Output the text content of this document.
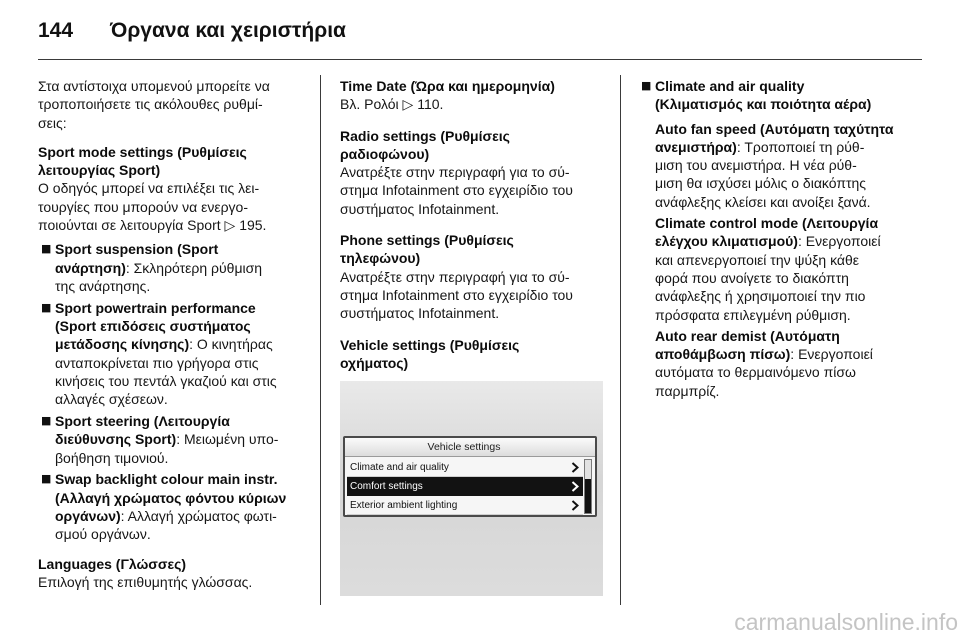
144 Όργανα και χειριστήρια
Στα αντίστοιχα υπομενού μπορείτε να
τροποποιήσετε τις ακόλουθες ρυθμί-
σεις:
Sport mode settings (Ρυθμίσεις
λειτουργίας Sport)
Ο οδηγός μπορεί να επιλέξει τις λει-
τουργίες που μπορούν να ενεργο-
ποιούνται σε λειτουργία Sport ▷ 195.
■ Sport suspension (Sport
ανάρτηση): Σκληρότερη ρύθμιση
της ανάρτησης.
■ Sport powertrain performance
(Sport επιδόσεις συστήματος
μετάδοσης κίνησης): Ο κινητήρας
ανταποκρίνεται πιο γρήγορα στις
κινήσεις του πεντάλ γκαζιού και στις
αλλαγές σχέσεων.
■ Sport steering (Λειτουργία
διεύθυνσης Sport): Μειωμένη υπο-
βοήθηση τιμονιού.
■ Swap backlight colour main instr.
(Αλλαγή χρώματος φόντου κύριων
οργάνων): Αλλαγή χρώματος φωτι-
σμού οργάνων.
Languages (Γλώσσες)
Επιλογή της επιθυμητής γλώσσας.
Time Date (Ώρα και ημερομηνία)
Βλ. Ρολόι ▷ 110.
Radio settings (Ρυθμίσεις
ραδιοφώνου)
Ανατρέξτε στην περιγραφή για το σύ-
στημα Infotainment στο εγχειρίδιο του
συστήματος Infotainment.
Phone settings (Ρυθμίσεις
τηλεφώνου)
Ανατρέξτε στην περιγραφή για το σύ-
στημα Infotainment στο εγχειρίδιο του
συστήματος Infotainment.
Vehicle settings (Ρυθμίσεις
οχήματος)
■ Climate and air quality
(Κλιματισμός και ποιότητα αέρα)
Auto fan speed (Αυτόματη ταχύτητα
ανεμιστήρα): Τροποποιεί τη ρύθ-
μιση του ανεμιστήρα. Η νέα ρύθ-
μιση θα ισχύσει μόλις ο διακόπτης
ανάφλεξης κλείσει και ανοίξει ξανά.
Climate control mode (Λειτουργία
ελέγχου κλιματισμού): Ενεργοποιεί
και απενεργοποιεί την ψύξη κάθε
φορά που ανοίγετε το διακόπτη
ανάφλεξης ή χρησιμοποιεί την πιο
πρόσφατα επιλεγμένη ρύθμιση.
Auto rear demist (Αυτόματη
αποθάμβωση πίσω): Ενεργοποιεί
αυτόματα το θερμαινόμενο πίσω
παρμπρίζ.
Vehicle settings
Climate and air quality
Comfort settings
Exterior ambient lighting
carmanualsonline.info
